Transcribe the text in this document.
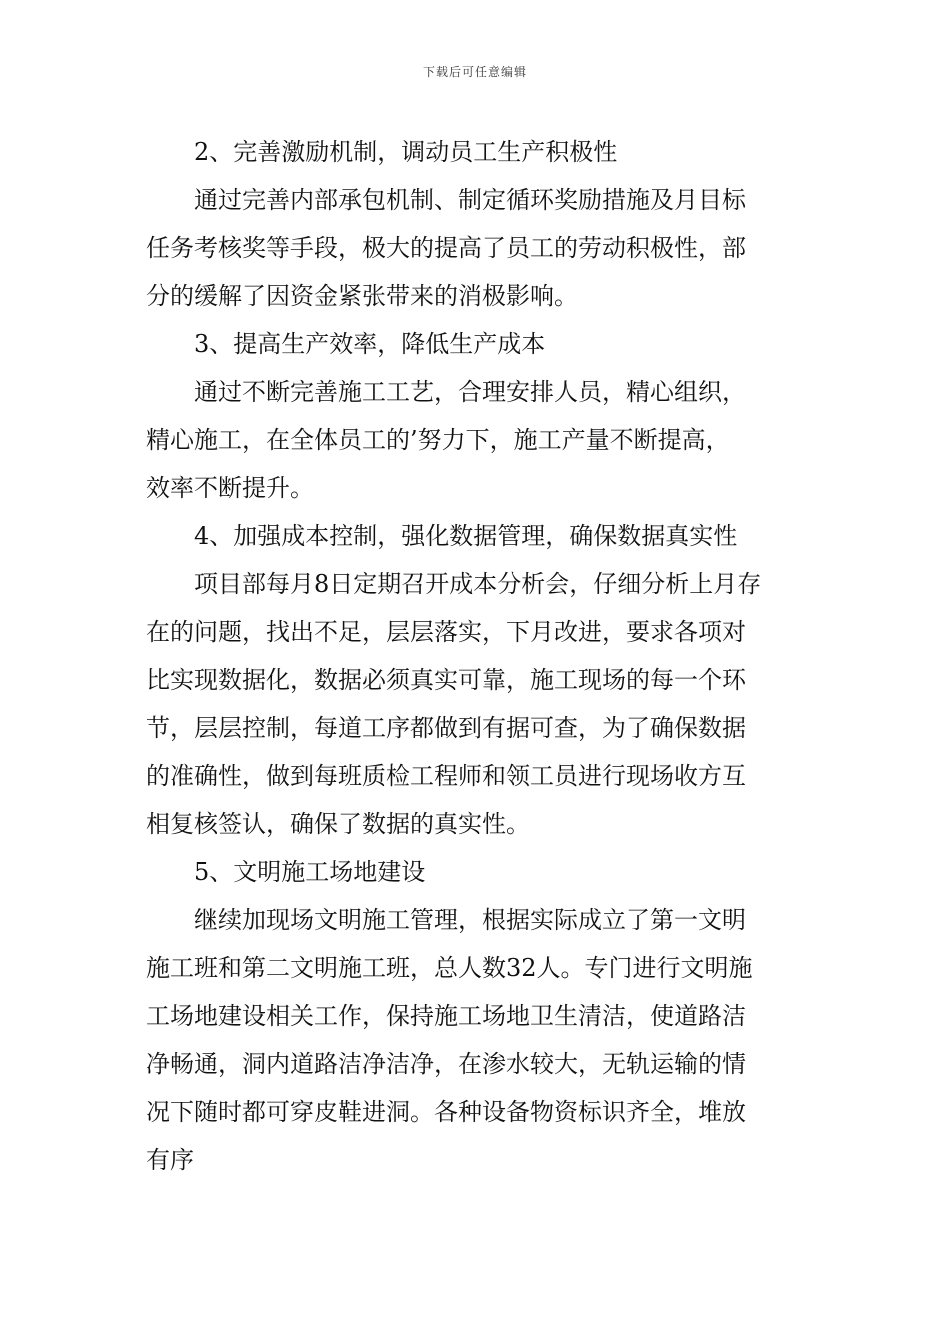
下载后可任意编辑
2、完善激励机制，调动员工生产积极性
通过完善内部承包机制、制定循环奖励措施及月目标
任务考核奖等手段，极大的提高了员工的劳动积极性，部
分的缓解了因资金紧张带来的消极影响。
3、提高生产效率，降低生产成本
通过不断完善施工工艺，合理安排人员，精心组织，
精心施工，在全体员工的’努力下，施工产量不断提高，
效率不断提升。
4、加强成本控制，强化数据管理，确保数据真实性
项目部每月8日定期召开成本分析会，仔细分析上月存
在的问题，找出不足，层层落实，下月改进，要求各项对
比实现数据化，数据必须真实可靠，施工现场的每一个环
节，层层控制，每道工序都做到有据可查，为了确保数据
的准确性，做到每班质检工程师和领工员进行现场收方互
相复核签认，确保了数据的真实性。
5、文明施工场地建设
继续加现场文明施工管理，根据实际成立了第一文明
施工班和第二文明施工班，总人数32人。专门进行文明施
工场地建设相关工作，保持施工场地卫生清洁，使道路洁
净畅通，洞内道路洁净洁净，在渗水较大，无轨运输的情
况下随时都可穿皮鞋进洞。各种设备物资标识齐全，堆放
有序
